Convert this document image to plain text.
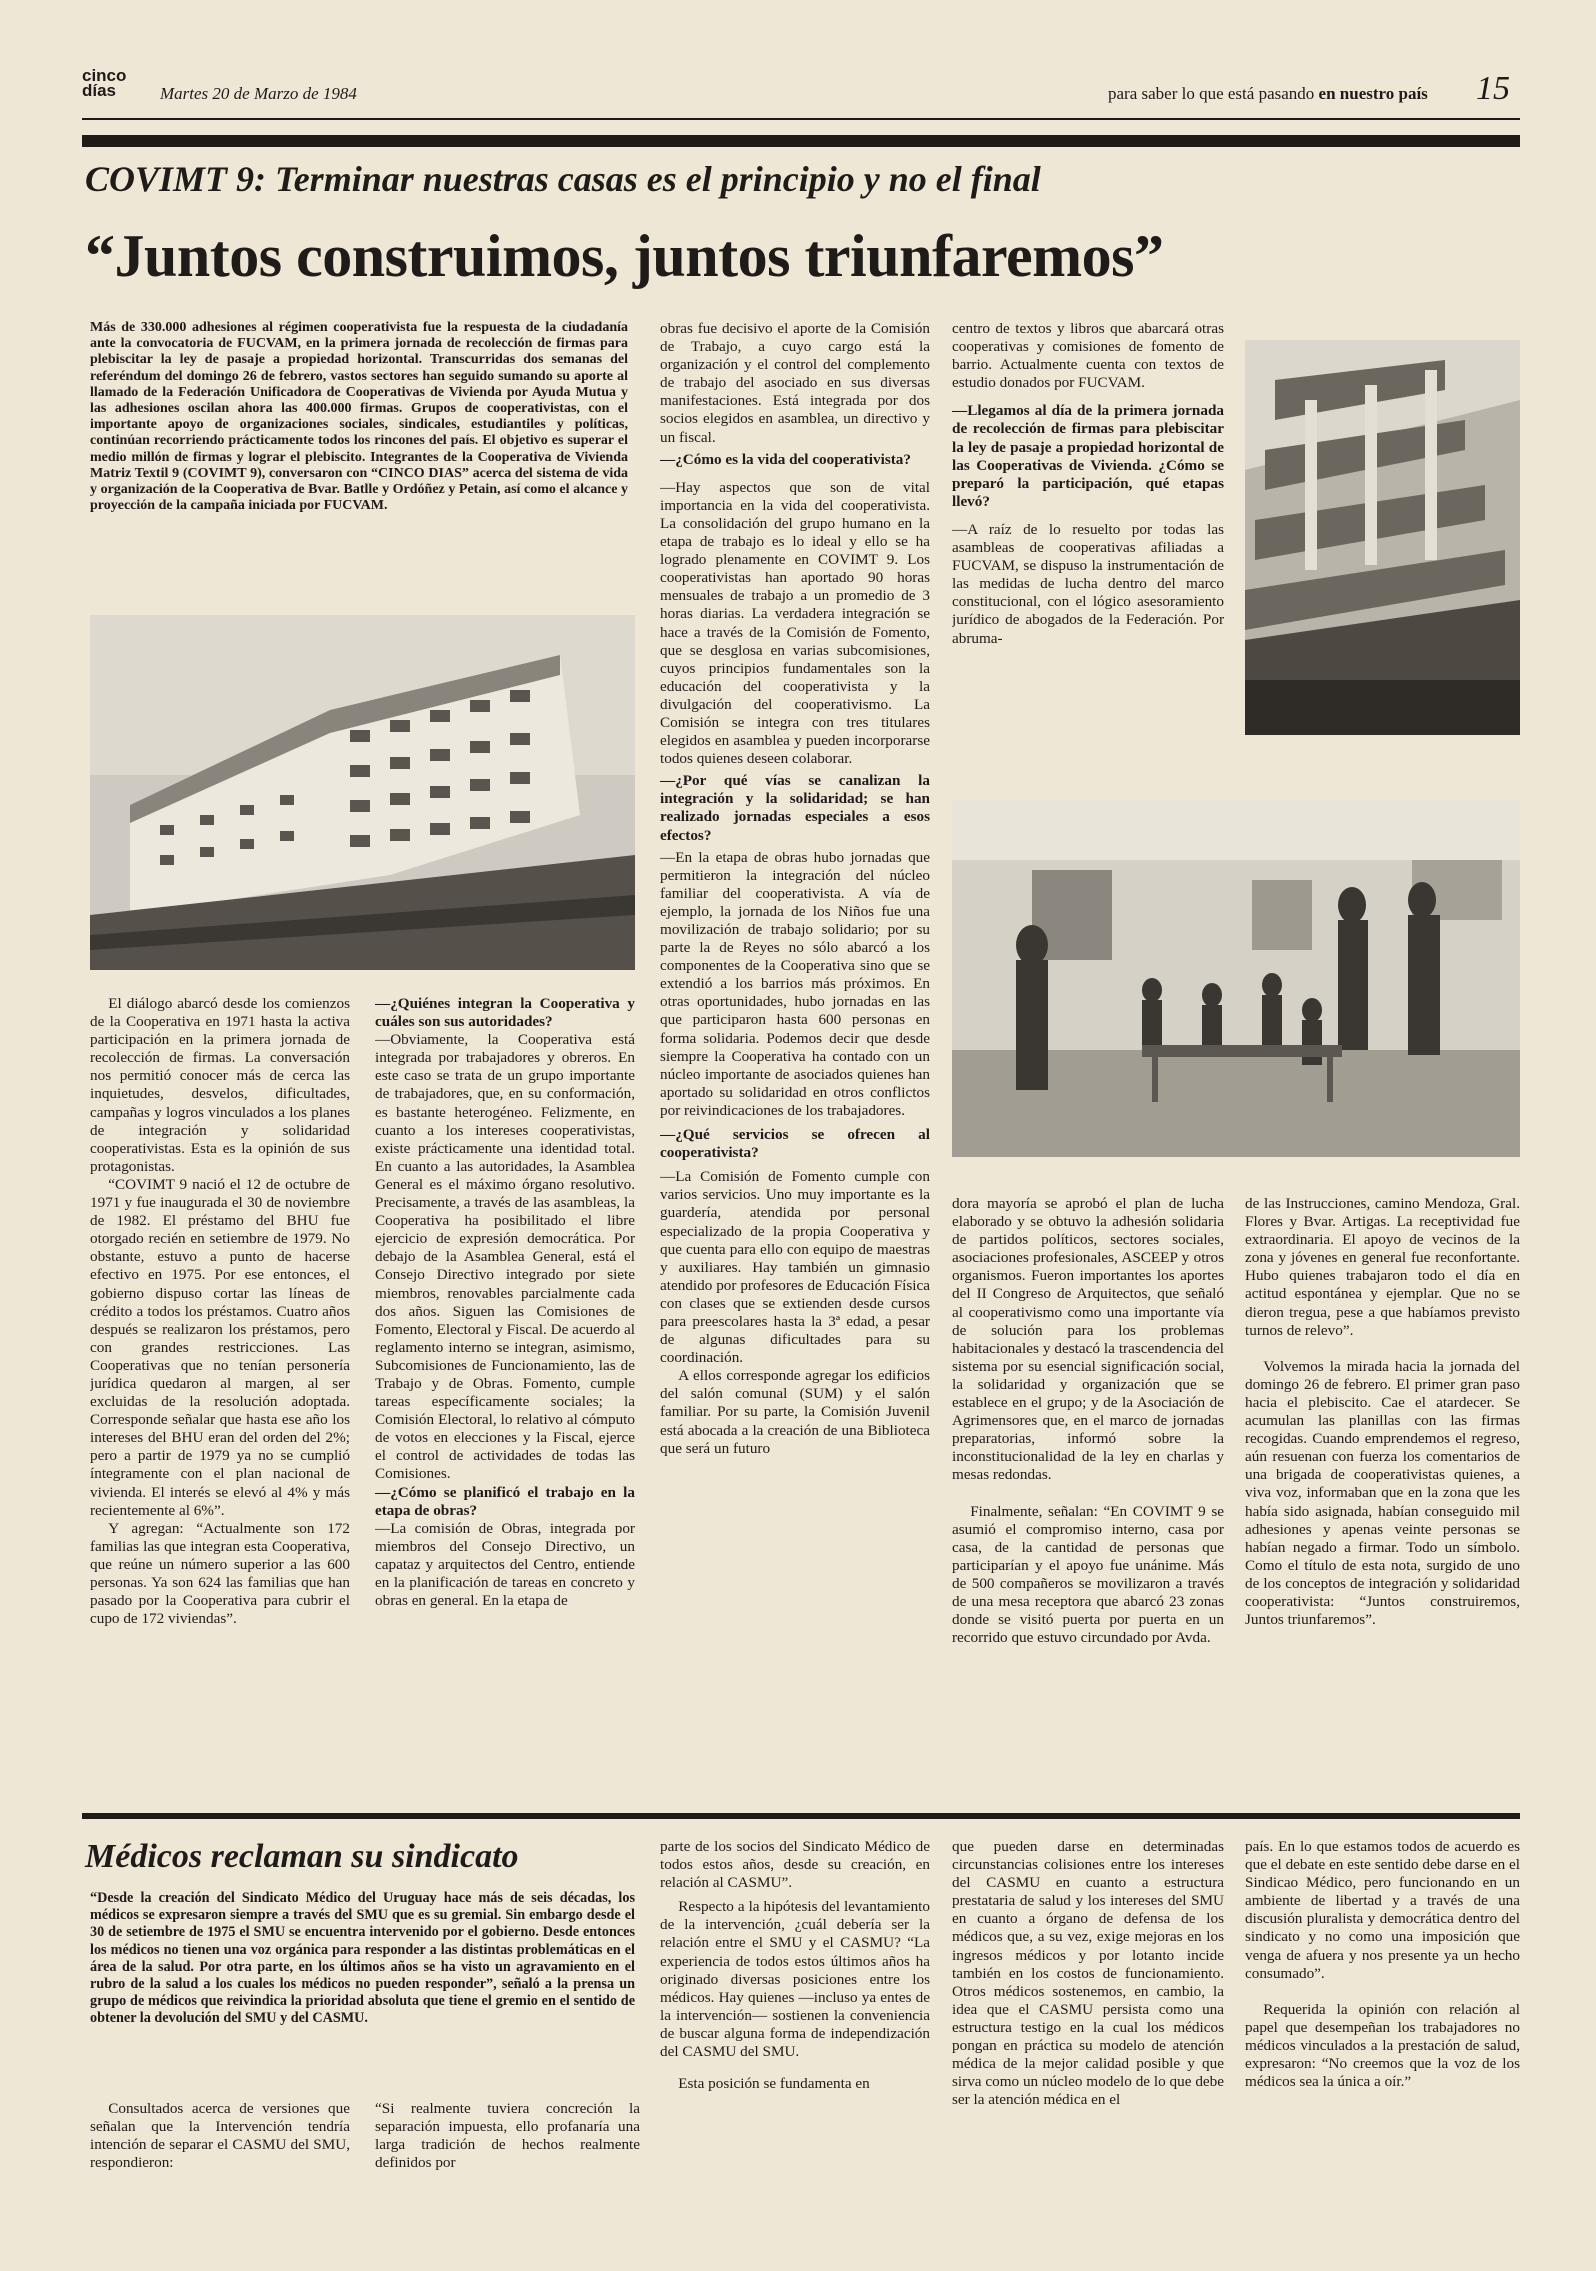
cinco
días	Martes 20 de Marzo de 1984	para saber lo que está pasando en nuestro país 15
COVIMT 9: Terminar nuestras casas es el principio y no el final
“Juntos construimos, juntos triunfaremos”
Más de 330.000 adhesiones al régimen cooperativista fue la respuesta de la ciudadanía ante la convocatoria de FUCVAM, en la primera jornada de recolección de firmas para plebiscitar la ley de pasaje a propiedad horizontal. Transcurridas dos semanas del referéndum del domingo 26 de febrero, vastos sectores han seguido sumando su aporte al llamado de la Federación Unificadora de Cooperativas de Vivienda por Ayuda Mutua y las adhesiones oscilan ahora las 400.000 firmas. Grupos de cooperativistas, con el importante apoyo de organizaciones sociales, sindicales, estudiantiles y políticas, continúan recorriendo prácticamente todos los rincones del país. El objetivo es superar el medio millón de firmas y lograr el plebiscito. Integrantes de la Cooperativa de Vivienda Matriz Textil 9 (COVIMT 9), conversaron con “CINCO DIAS” acerca del sistema de vida y organización de la Cooperativa de Bvar. Batlle y Ordóñez y Petain, así como el alcance y proyección de la campaña iniciada por FUCVAM.

El diálogo abarcó desde los comienzos de la Cooperativa en 1971 hasta la activa participación en la primera jornada de recolección de firmas. La conversación nos permitió conocer más de cerca las inquietudes, desvelos, dificultades, campañas y logros vinculados a los planes de integración y solidaridad cooperativistas. Esta es la opinión de sus protagonistas.

“COVIMT 9 nació el 12 de octubre de 1971 y fue inaugurada el 30 de noviembre de 1982. El préstamo del BHU fue otorgado recién en setiembre de 1979. No obstante, estuvo a punto de hacerse efectivo en 1975. Por ese entonces, el gobierno dispuso cortar las líneas de crédito a todos los préstamos. Cuatro años después se realizaron los préstamos, pero con grandes restricciones. Las Cooperativas que no tenían personería jurídica quedaron al margen, al ser excluidas de la resolución adoptada. Corresponde señalar que hasta ese año los intereses del BHU eran del orden del 2%; pero a partir de 1979 ya no se cumplió íntegramente con el plan nacional de vivienda. El interés se elevó al 4% y más recientemente al 6%”.

Y agregan: “Actualmente son 172 familias las que integran esta Cooperativa, que reúne un número superior a las 600 personas. Ya son 624 las familias que han pasado por la Cooperativa para cubrir el cupo de 172 viviendas”.

—¿Quiénes integran la Cooperativa y cuáles son sus autoridades?

—Obviamente, la Cooperativa está integrada por trabajadores y obreros. En este caso se trata de un grupo importante de trabajadores, que, en su conformación, es bastante heterogéneo. Felizmente, en cuanto a los intereses cooperativistas, existe prácticamente una identidad total. En cuanto a las autoridades, la Asamblea General es el máximo órgano resolutivo. Precisamente, a través de las asambleas, la Cooperativa ha posibilitado el libre ejercicio de expresión democrática. Por debajo de la Asamblea General, está el Consejo Directivo integrado por siete miembros, renovables parcialmente cada dos años. Siguen las Comisiones de Fomento, Electoral y Fiscal. De acuerdo al reglamento interno se integran, asimismo, Subcomisiones de Funcionamiento, las de Trabajo y de Obras. Fomento, cumple tareas específicamente sociales; la Comisión Electoral, lo relativo al cómputo de votos en elecciones y la Fiscal, ejerce el control de actividades de todas las Comisiones.

—¿Cómo se planificó el trabajo en la etapa de obras?

—La comisión de Obras, integrada por miembros del Consejo Directivo, un capataz y arquitectos del Centro, entiende en la planificación de tareas en concreto y obras en general. En la etapa de

obras fue decisivo el aporte de la Comisión de Trabajo, a cuyo cargo está la organización y el control del complemento de trabajo del asociado en sus diversas manifestaciones. Está integrada por dos socios elegidos en asamblea, un directivo y un fiscal.

—¿Cómo es la vida del cooperativista?

—Hay aspectos que son de vital importancia en la vida del cooperativista. La consolidación del grupo humano en la etapa de trabajo es lo ideal y ello se ha logrado plenamente en COVIMT 9. Los cooperativistas han aportado 90 horas mensuales de trabajo a un promedio de 3 horas diarias. La verdadera integración se hace a través de la Comisión de Fomento, que se desglosa en varias subcomisiones, cuyos principios fundamentales son la educación del cooperativista y la divulgación del cooperativismo. La Comisión se integra con tres titulares elegidos en asamblea y pueden incorporarse todos quienes deseen colaborar.

—¿Por qué vías se canalizan la integración y la solidaridad; se han realizado jornadas especiales a esos efectos?

—En la etapa de obras hubo jornadas que permitieron la integración del núcleo familiar del cooperativista. A vía de ejemplo, la jornada de los Niños fue una movilización de trabajo solidario; por su parte la de Reyes no sólo abarcó a los componentes de la Cooperativa sino que se extendió a los barrios más próximos. En otras oportunidades, hubo jornadas en las que participaron hasta 600 personas en forma solidaria. Podemos decir que desde siempre la Cooperativa ha contado con un núcleo importante de asociados quienes han aportado su solidaridad en otros conflictos por reivindicaciones de los trabajadores.

—¿Qué servicios se ofrecen al cooperativista?

—La Comisión de Fomento cumple con varios servicios. Uno muy importante es la guardería, atendida por personal especializado de la propia Cooperativa y que cuenta para ello con equipo de maestras y auxiliares. Hay también un gimnasio atendido por profesores de Educación Física con clases que se extienden desde cursos para preescolares hasta la 3ª edad, a pesar de algunas dificultades para su coordinación.

A ellos corresponde agregar los edificios del salón comunal (SUM) y el salón familiar. Por su parte, la Comisión Juvenil está abocada a la creación de una Biblioteca que será un futuro

centro de textos y libros que abarcará otras cooperativas y comisiones de fomento de barrio. Actualmente cuenta con textos de estudio donados por FUCVAM.

—Llegamos al día de la primera jornada de recolección de firmas para plebiscitar la ley de pasaje a propiedad horizontal de las Cooperativas de Vivienda. ¿Cómo se preparó la participación, qué etapas llevó?

—A raíz de lo resuelto por todas las asambleas de cooperativas afiliadas a FUCVAM, se dispuso la instrumentación de las medidas de lucha dentro del marco constitucional, con el lógico asesoramiento jurídico de abogados de la Federación. Por abruma-

dora mayoría se aprobó el plan de lucha elaborado y se obtuvo la adhesión solidaria de partidos políticos, sectores sociales, asociaciones profesionales, ASCEEP y otros organismos. Fueron importantes los aportes del II Congreso de Arquitectos, que señaló al cooperativismo como una importante vía de solución para los problemas habitacionales y destacó la trascendencia del sistema por su esencial significación social, la solidaridad y organización que se establece en el grupo; y de la Asociación de Agrimensores que, en el marco de jornadas preparatorias, informó sobre la inconstitucionalidad de la ley en charlas y mesas redondas.

Finalmente, señalan: “En COVIMT 9 se asumió el compromiso interno, casa por casa, de la cantidad de personas que participarían y el apoyo fue unánime. Más de 500 compañeros se movilizaron a través de una mesa receptora que abarcó 23 zonas donde se visitó puerta por puerta en un recorrido que estuvo circundado por Avda.

de las Instrucciones, camino Mendoza, Gral. Flores y Bvar. Artigas. La receptividad fue extraordinaria. El apoyo de vecinos de la zona y jóvenes en general fue reconfortante. Hubo quienes trabajaron todo el día en actitud espontánea y ejemplar. Que no se dieron tregua, pese a que habíamos previsto turnos de relevo”.

Volvemos la mirada hacia la jornada del domingo 26 de febrero. El primer gran paso hacia el plebiscito. Cae el atardecer. Se acumulan las planillas con las firmas recogidas. Cuando emprendemos el regreso, aún resuenan con fuerza los comentarios de una brigada de cooperativistas quienes, a viva voz, informaban que en la zona que les había sido asignada, habían conseguido mil adhesiones y apenas veinte personas se habían negado a firmar. Todo un símbolo. Como el título de esta nota, surgido de uno de los conceptos de integración y solidaridad cooperativista: “Juntos construiremos, Juntos triunfaremos”.

Médicos reclaman su sindicato
“Desde la creación del Sindicato Médico del Uruguay hace más de seis décadas, los médicos se expresaron siempre a través del SMU que es su gremial. Sin embargo desde el 30 de setiembre de 1975 el SMU se encuentra intervenido por el gobierno. Desde entonces los médicos no tienen una voz orgánica para responder a las distintas problemáticas en el área de la salud. Por otra parte, en los últimos años se ha visto un agravamiento en el rubro de la salud a los cuales los médicos no pueden responder”, señaló a la prensa un grupo de médicos que reivindica la prioridad absoluta que tiene el gremio en el sentido de obtener la devolución del SMU y del CASMU.

Consultados acerca de versiones que señalan que la Intervención tendría intención de separar el CASMU del SMU, respondieron:

“Si realmente tuviera concreción la separación impuesta, ello profanaría una larga tradición de hechos realmente definidos por

parte de los socios del Sindicato Médico de todos estos años, desde su creación, en relación al CASMU”.

Respecto a la hipótesis del levantamiento de la intervención, ¿cuál debería ser la relación entre el SMU y el CASMU? “La experiencia de todos estos últimos años ha originado diversas posiciones entre los médicos. Hay quienes —incluso ya entes de la intervención— sostienen la conveniencia de buscar alguna forma de independización del CASMU del SMU.

Esta posición se fundamenta en

que pueden darse en determinadas circunstancias colisiones entre los intereses del CASMU en cuanto a estructura prestataria de salud y los intereses del SMU en cuanto a órgano de defensa de los médicos que, a su vez, exige mejoras en los ingresos médicos y por lotanto incide también en los costos de funcionamiento. Otros médicos sostenemos, en cambio, la idea que el CASMU persista como una estructura testigo en la cual los médicos pongan en práctica su modelo de atención médica de la mejor calidad posible y que sirva como un núcleo modelo de lo que debe ser la atención médica en el

país. En lo que estamos todos de acuerdo es que el debate en este sentido debe darse en el Sindicao Médico, pero funcionando en un ambiente de libertad y a través de una discusión pluralista y democrática dentro del sindicato y no como una imposición que venga de afuera y nos presente ya un hecho consumado”.

Requerida la opinión con relación al papel que desempeñan los trabajadores no médicos vinculados a la prestación de salud, expresaron: “No creemos que la voz de los médicos sea la única a oír.”
